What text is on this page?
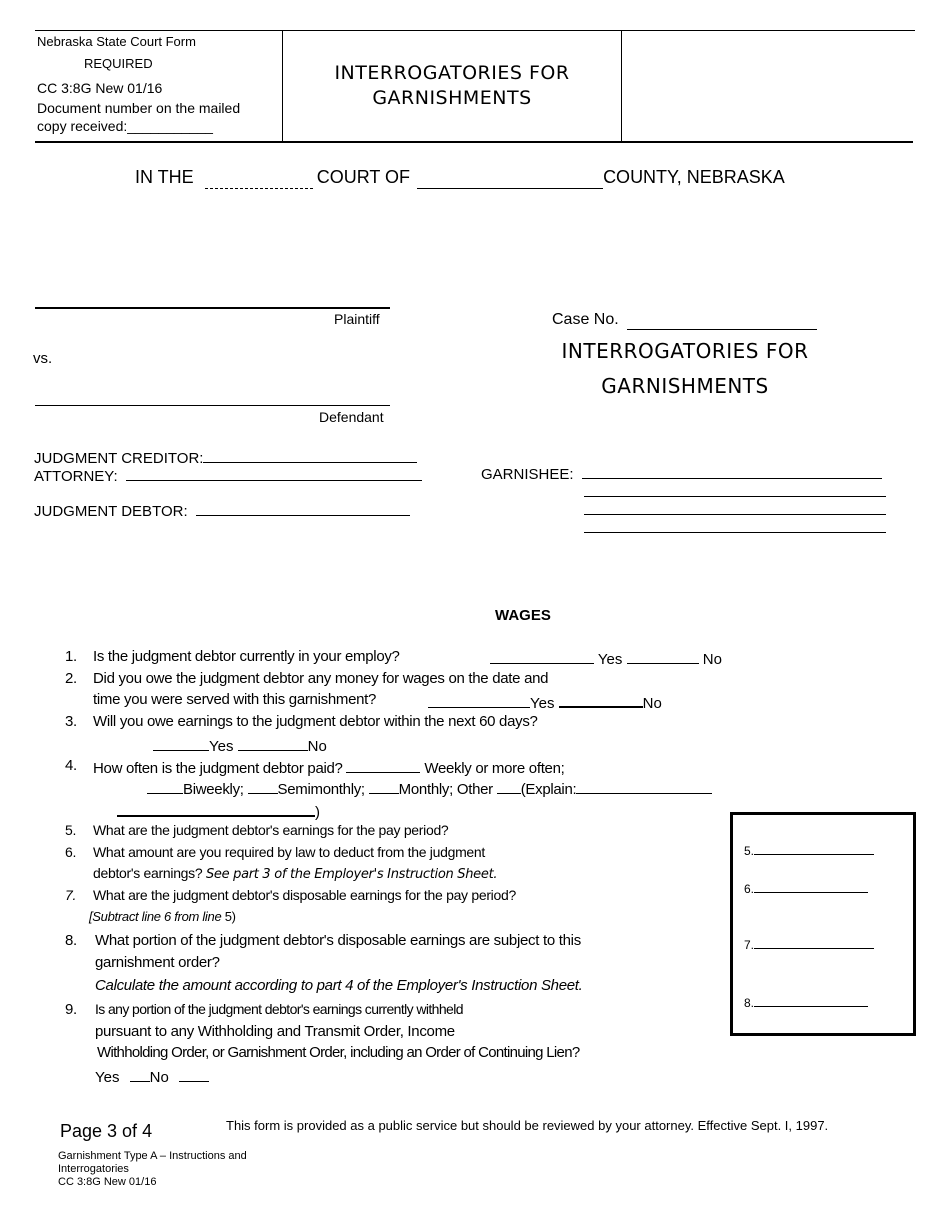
Nebraska State Court Form
REQUIRED
CC 3:8G New 01/16
Document number on the mailed
copy received:___________
INTERROGATORIES FOR
GARNISHMENTS
IN THE	COURT OF	COUNTY, NEBRASKA
Plaintiff
vs.
Defendant
Case No.
INTERROGATORIES FOR
GARNISHMENTS
JUDGMENT CREDITOR:
ATTORNEY:
JUDGMENT DEBTOR:
GARNISHEE:
WAGES
1. Is the judgment debtor currently in your employ?	Yes	No
2. Did you owe the judgment debtor any money for wages on the date and
time you were served with this garnishment?	Yes	No
3. Will you owe earnings to the judgment debtor within the next 60 days?
Yes	No
4. How often is the judgment debtor paid?	Weekly or more often;
Biweekly; Semimonthly; Monthly; Other (Explain:
)
5. What are the judgment debtor's earnings for the pay period?
6. What amount are you required by law to deduct from the judgment
debtor's earnings? See part 3 of the Employer's Instruction Sheet.
7. What are the judgment debtor's disposable earnings for the pay period?
[Subtract line 6 from line 5)
8. What portion of the judgment debtor's disposable earnings are subject to this
garnishment order?
Calculate the amount according to part 4 of the Employer's Instruction Sheet.
9. Is any portion of the judgment debtor's earnings currently withheld
pursuant to any Withholding and Transmit Order, Income
Withholding Order, or Garnishment Order, including an Order of Continuing Lien?
Yes No
5.
6.
7.
8.
Page 3 of 4	This form is provided as a public service but should be reviewed by your attorney. Effective Sept. I, 1997.
Garnishment Type A – Instructions and
Interrogatories
CC 3:8G New 01/16
